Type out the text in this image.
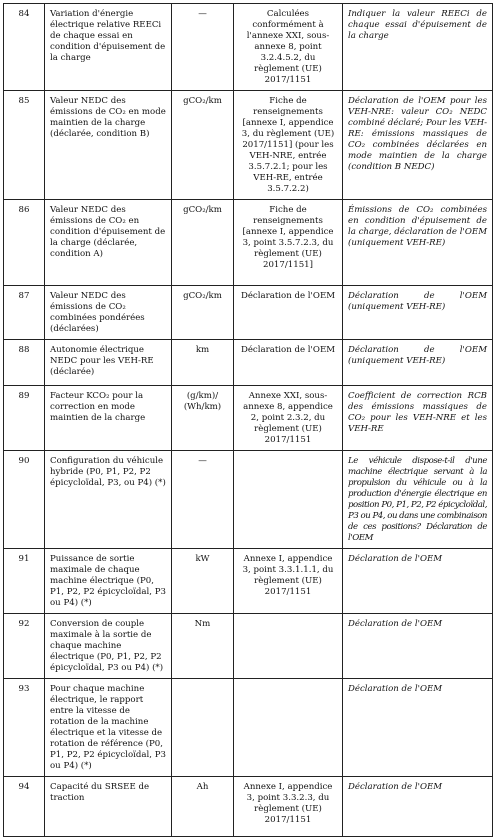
84	Variation d'énergie électrique relative REECi de chaque essai en condition d'épuisement de la charge	—	Calculées conformément à l'annexe XXI, sous-annexe 8, point 3.2.4.5.2, du règlement (UE) 2017/1151	Indiquer la valeur REECi de chaque essai d'épuisement de la charge
85	Valeur NEDC des émissions de CO₂ en mode maintien de la charge (déclarée, condition B)	gCO₂/km	Fiche de renseignements [annexe I, appendice 3, du règlement (UE) 2017/1151] (pour les VEH-NRE, entrée 3.5.7.2.1; pour les VEH-RE, entrée 3.5.7.2.2)	Déclaration de l'OEM pour les VEH-NRE: valeur CO₂ NEDC combiné déclaré; Pour les VEH-RE: émissions massiques de CO₂ combinées déclarées en mode maintien de la charge (condition B NEDC)
86	Valeur NEDC des émissions de CO₂ en condition d'épuisement de la charge (déclarée, condition A)	gCO₂/km	Fiche de renseignements [annexe I, appendice 3, point 3.5.7.2.3, du règlement (UE) 2017/1151]	Émissions de CO₂ combinées en condition d'épuisement de la charge, déclaration de l'OEM (uniquement VEH-RE)
87	Valeur NEDC des émissions de CO₂ combinées pondérées (déclarées)	gCO₂/km	Déclaration de l'OEM	Déclaration de l'OEM (uniquement VEH-RE)
88	Autonomie électrique NEDC pour les VEH-RE (déclarée)	km	Déclaration de l'OEM	Déclaration de l'OEM (uniquement VEH-RE)
89	Facteur KCO₂ pour la correction en mode maintien de la charge	(g/km)/ (Wh/km)	Annexe XXI, sous-annexe 8, appendice 2, point 2.3.2, du règlement (UE) 2017/1151	Coefficient de correction RCB des émissions massiques de CO₂ pour les VEH-NRE et les VEH-RE
90	Configuration du véhicule hybride (P0, P1, P2, P2 épicycloïdal, P3, ou P4) (*)	—		Le véhicule dispose-t-il d'une machine électrique servant à la propulsion du véhicule ou à la production d'énergie électrique en position P0, P1, P2, P2 épicycloïdal, P3 ou P4, ou dans une combinaison de ces positions? Déclaration de l'OEM
91	Puissance de sortie maximale de chaque machine électrique (P0, P1, P2, P2 épicycloïdal, P3 ou P4) (*)	kW	Annexe I, appendice 3, point 3.3.1.1.1, du règlement (UE) 2017/1151	Déclaration de l'OEM
92	Conversion de couple maximale à la sortie de chaque machine électrique (P0, P1, P2, P2 épicycloïdal, P3 ou P4) (*)	Nm		Déclaration de l'OEM
93	Pour chaque machine électrique, le rapport entre la vitesse de rotation de la machine électrique et la vitesse de rotation de référence (P0, P1, P2, P2 épicycloïdal, P3 ou P4) (*)			Déclaration de l'OEM
94	Capacité du SRSEE de traction	Ah	Annexe I, appendice 3, point 3.3.2.3, du règlement (UE) 2017/1151	Déclaration de l'OEM
